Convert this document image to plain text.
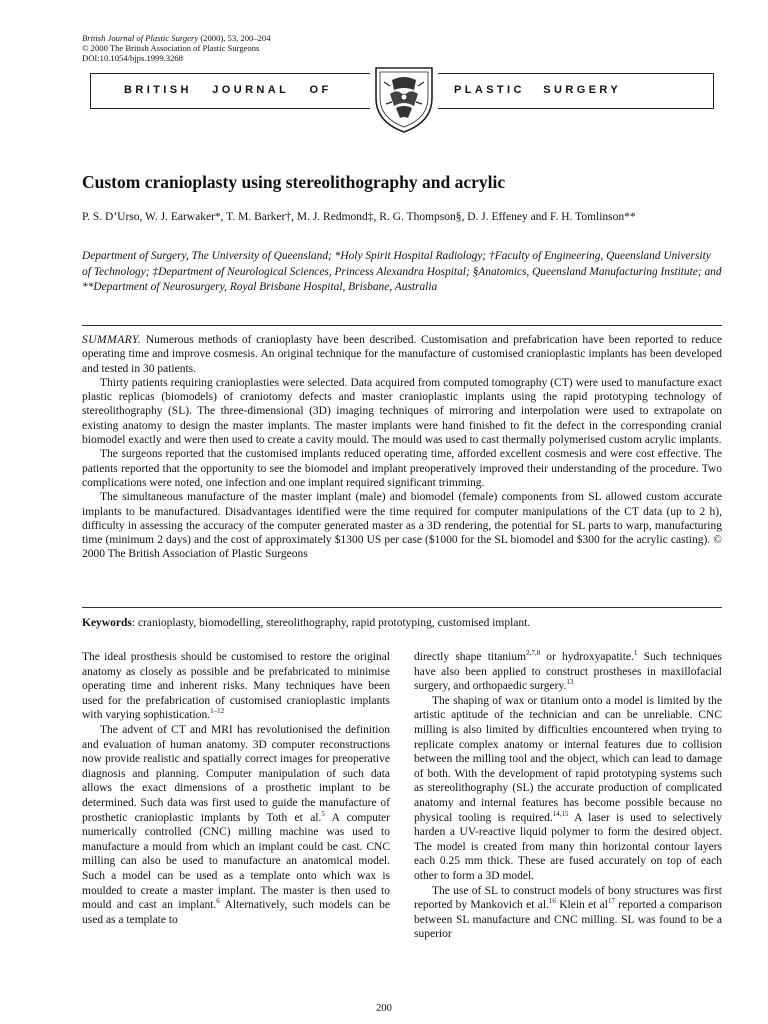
British Journal of Plastic Surgery (2000), 53, 200–204
© 2000 The British Association of Plastic Surgeons
DOI:10.1054/bjps.1999.3268
BRITISH JOURNAL OF	PLASTIC SURGERY
Custom cranioplasty using stereolithography and acrylic
P. S. D’Urso, W. J. Earwaker*, T. M. Barker†, M. J. Redmond‡, R. G. Thompson§, D. J. Effeney and F. H. Tomlinson**
Department of Surgery, The University of Queensland; *Holy Spirit Hospital Radiology; †Faculty of Engineering, Queensland University of Technology; ‡Department of Neurological Sciences, Princess Alexandra Hospital; §Anatomics, Queensland Manufacturing Institute; and **Department of Neurosurgery, Royal Brisbane Hospital, Brisbane, Australia

SUMMARY. Numerous methods of cranioplasty have been described. Customisation and prefabrication have been reported to reduce operating time and improve cosmesis. An original technique for the manufacture of customised cranioplastic implants has been developed and tested in 30 patients.

Thirty patients requiring cranioplasties were selected. Data acquired from computed tomography (CT) were used to manufacture exact plastic replicas (biomodels) of craniotomy defects and master cranioplastic implants using the rapid prototyping technology of stereolithography (SL). The three-dimensional (3D) imaging techniques of mirroring and interpolation were used to extrapolate on existing anatomy to design the master implants. The master implants were hand finished to fit the defect in the corresponding cranial biomodel exactly and were then used to create a cavity mould. The mould was used to cast thermally polymerised custom acrylic implants.

The surgeons reported that the customised implants reduced operating time, afforded excellent cosmesis and were cost effective. The patients reported that the opportunity to see the biomodel and implant preoperatively improved their understanding of the procedure. Two complications were noted, one infection and one implant required significant trimming.

The simultaneous manufacture of the master implant (male) and biomodel (female) components from SL allowed custom accurate implants to be manufactured. Disadvantages identified were the time required for computer manipulations of the CT data (up to 2 h), difficulty in assessing the accuracy of the computer generated master as a 3D rendering, the potential for SL parts to warp, manufacturing time (minimum 2 days) and the cost of approximately $1300 US per case ($1000 for the SL biomodel and $300 for the acrylic casting). © 2000 The British Association of Plastic Surgeons

Keywords: cranioplasty, biomodelling, stereolithography, rapid prototyping, customised implant.

The ideal prosthesis should be customised to restore the original anatomy as closely as possible and be prefabricated to minimise operating time and inherent risks. Many techniques have been used for the prefabrication of customised cranioplastic implants with varying sophistication.$^{1-12}$

The advent of CT and MRI has revolutionised the definition and evaluation of human anatomy. 3D computer reconstructions now provide realistic and spatially correct images for preoperative diagnosis and planning. Computer manipulation of such data allows the exact dimensions of a prosthetic implant to be determined. Such data was first used to guide the manufacture of prosthetic cranioplastic implants by Toth et al.$^5$ A computer numerically controlled (CNC) milling machine was used to manufacture a mould from which an implant could be cast. CNC milling can also be used to manufacture an anatomical model. Such a model can be used as a template onto which wax is moulded to create a master implant. The master is then used to mould and cast an implant.$^6$ Alternatively, such models can be used as a template to

directly shape titanium$^{2,7,8}$ or hydroxyapatite.$^1$ Such techniques have also been applied to construct prostheses in maxillofacial surgery, and orthopaedic surgery.$^{13}$

The shaping of wax or titanium onto a model is limited by the artistic aptitude of the technician and can be unreliable. CNC milling is also limited by difficulties encountered when trying to replicate complex anatomy or internal features due to collision between the milling tool and the object, which can lead to damage of both. With the development of rapid prototyping systems such as stereolithography (SL) the accurate production of complicated anatomy and internal features has become possible because no physical tooling is required.$^{14,15}$ A laser is used to selectively harden a UV-reactive liquid polymer to form the desired object. The model is created from many thin horizontal contour layers each 0.25 mm thick. These are fused accurately on top of each other to form a 3D model.

The use of SL to construct models of bony structures was first reported by Mankovich et al.$^{16}$ Klein et $al^{17}$ reported a comparison between SL manufacture and CNC milling. SL was found to be a superior

200
